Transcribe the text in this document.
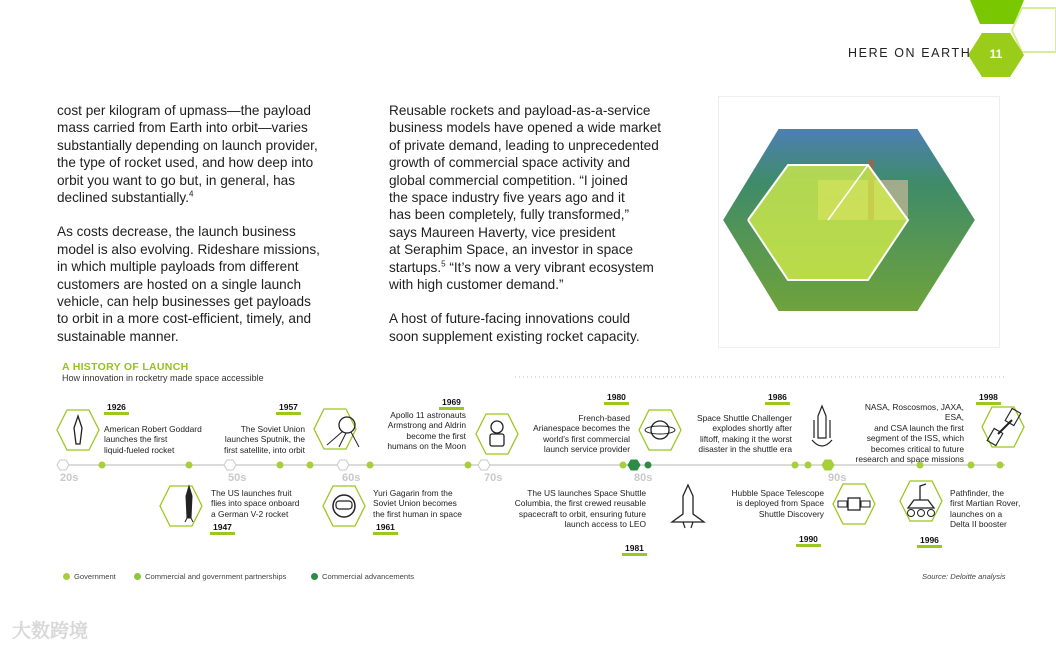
HERE ON EARTH	11

cost per kilogram of upmass—the payload
mass carried from Earth into orbit—varies
substantially depending on launch provider,
the type of rocket used, and how deep into
orbit you want to go but, in general, has
declined substantially.$^4$

As costs decrease, the launch business
model is also evolving. Rideshare missions,
in which multiple payloads from different
customers are hosted on a single launch
vehicle, can help businesses get payloads
to orbit in a more cost-efficient, timely, and
sustainable manner.

Reusable rockets and payload-as-a-service
business models have opened a wide market
of private demand, leading to unprecedented
growth of commercial space activity and
global commercial competition. “I joined
the space industry five years ago and it
has been completely, fully transformed,”
says Maureen Haverty, vice president
at Seraphim Space, an investor in space
startups.$^5$ “It’s now a very vibrant ecosystem
with high customer demand.”

A host of future-facing innovations could
soon supplement existing rocket capacity.

A HISTORY OF LAUNCH
How innovation in rocketry made space accessible
20s	50s	60s	70s	80s	90s
1926
American Robert Goddard
launches the first
liquid-fueled rocket
1957
The Soviet Union
launches Sputnik, the
first satellite, into orbit
1969
Apollo 11 astronauts
Armstrong and Aldrin
become the first
humans on the Moon
1980
French-based
Arianespace becomes the
world’s first commercial
launch service provider
1986
Space Shuttle Challenger
explodes shortly after
liftoff, making it the worst
disaster in the shuttle era
1998
NASA, Roscosmos, JAXA, ESA,
and CSA launch the first
segment of the ISS, which
becomes critical to future
research and space missions
The US launches fruit
flies into space onboard
a German V-2 rocket
1947
Yuri Gagarin from the
Soviet Union becomes
the first human in space
1961
The US launches Space Shuttle
Columbia, the first crewed reusable
spacecraft to orbit, ensuring future
launch access to LEO
1981
Hubble Space Telescope
is deployed from Space
Shuttle Discovery
1990
Pathfinder, the
first Martian Rover,
launches on a
Delta II booster
1996
Government	Commercial and government partnerships	Commercial advancements	Source: Deloitte analysis
大数跨境
